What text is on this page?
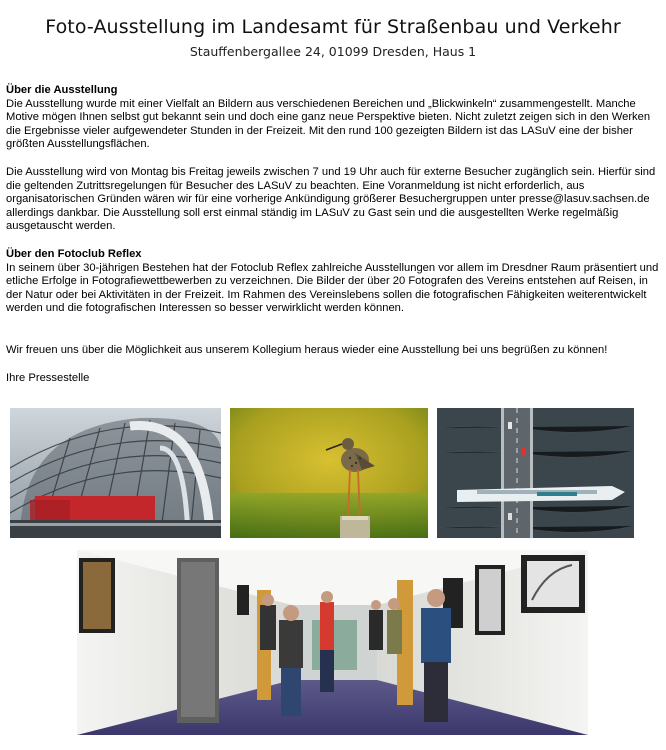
Foto-Ausstellung im Landesamt für Straßenbau und Verkehr
Stauffenbergallee 24, 01099 Dresden, Haus 1
Über die Ausstellung

Die Ausstellung wurde mit einer Vielfalt an Bildern aus verschiedenen Bereichen und „Blickwinkeln“ zusammengestellt. Manche Motive mögen Ihnen selbst gut bekannt sein und doch eine ganz neue Perspektive bieten. Nicht zuletzt zeigen sich in den Werken die Ergebnisse vieler aufgewendeter Stunden in der Freizeit. Mit den rund 100 gezeigten Bildern ist das LASuV eine der bisher größten Ausstellungsflächen.

Die Ausstellung wird von Montag bis Freitag jeweils zwischen 7 und 19 Uhr auch für externe Besucher zugänglich sein. Hierfür sind die geltenden Zutrittsregelungen für Besucher des LASuV zu beachten. Eine Voranmeldung ist nicht erforderlich, aus organisatorischen Gründen wären wir für eine vorherige Ankündigung größerer Besuchergruppen unter presse@lasuv.sachsen.de allerdings dankbar. Die Ausstellung soll erst einmal ständig im LASuV zu Gast sein und die ausgestellten Werke regelmäßig ausgetauscht werden.

Über den Fotoclub Reflex

In seinem über 30-jährigen Bestehen hat der Fotoclub Reflex zahlreiche Ausstellungen vor allem im Dresdner Raum präsentiert und etliche Erfolge in Fotografiewettbewerben zu verzeichnen. Die Bilder der über 20 Fotografen des Vereins entstehen auf Reisen, in der Natur oder bei Aktivitäten in der Freizeit. Im Rahmen des Vereinslebens sollen die fotografischen Fähigkeiten weiterentwickelt werden und die fotografischen Interessen so besser verwirklicht werden können.

Wir freuen uns über die Möglichkeit aus unserem Kollegium heraus wieder eine Ausstellung bei uns begrüßen zu können!

Ihre Pressestelle
